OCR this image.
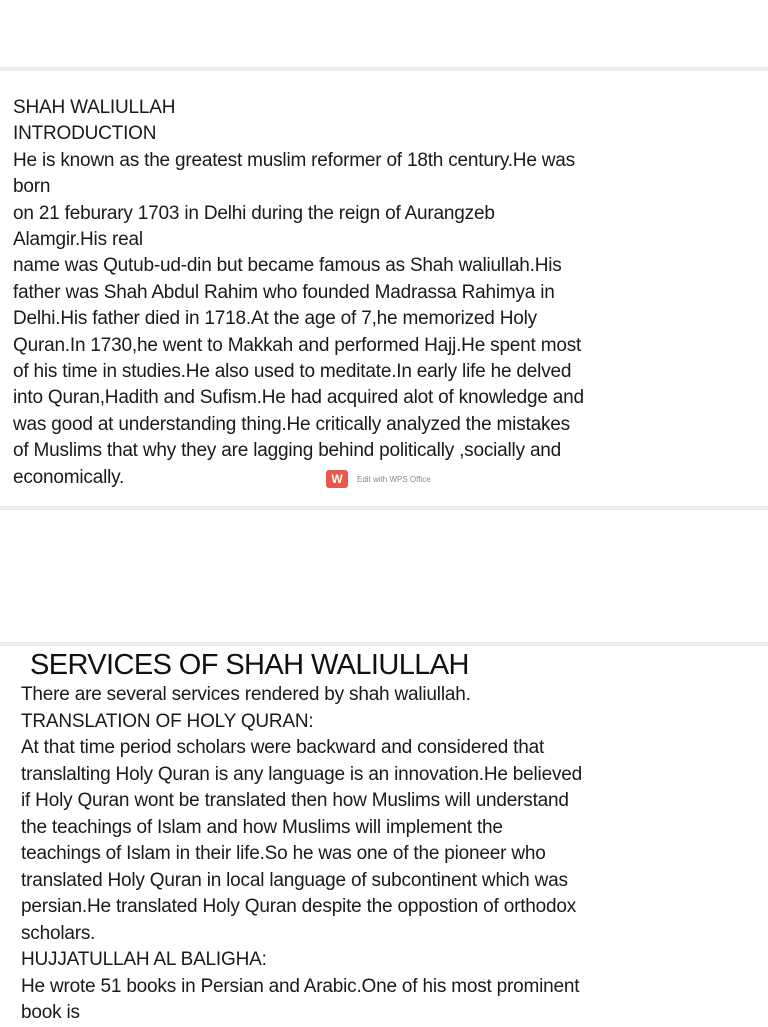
SHAH WALIULLAH
INTRODUCTION
He is known as the greatest muslim reformer of 18th century.He was
born
on 21 feburary 1703 in Delhi during the reign of Aurangzeb
Alamgir.His real
name was Qutub-ud-din but became famous as Shah waliullah.His
father was Shah Abdul Rahim who founded Madrassa Rahimya in
Delhi.His father died in 1718.At the age of 7,he memorized Holy
Quran.In 1730,he went to Makkah and performed Hajj.He spent most
of his time in studies.He also used to meditate.In early life he delved
into Quran,Hadith and Sufism.He had acquired alot of knowledge and
was good at understanding thing.He critically analyzed the mistakes
of Muslims that why they are lagging behind politically ,socially and
economically.	W	Edit with WPS Office
SERVICES OF SHAH WALIULLAH
There are several services rendered by shah waliullah.
TRANSLATION OF HOLY QURAN:
At that time period scholars were backward and considered that
translalting Holy Quran is any language is an innovation.He believed
if Holy Quran wont be translated then how Muslims will understand
the teachings of Islam and how Muslims will implement the
teachings of Islam in their life.So he was one of the pioneer who
translated Holy Quran in local language of subcontinent which was
persian.He translated Holy Quran despite the oppostion of orthodox
scholars.
HUJJATULLAH AL BALIGHA:
He wrote 51 books in Persian and Arabic.One of his most prominent
book is
